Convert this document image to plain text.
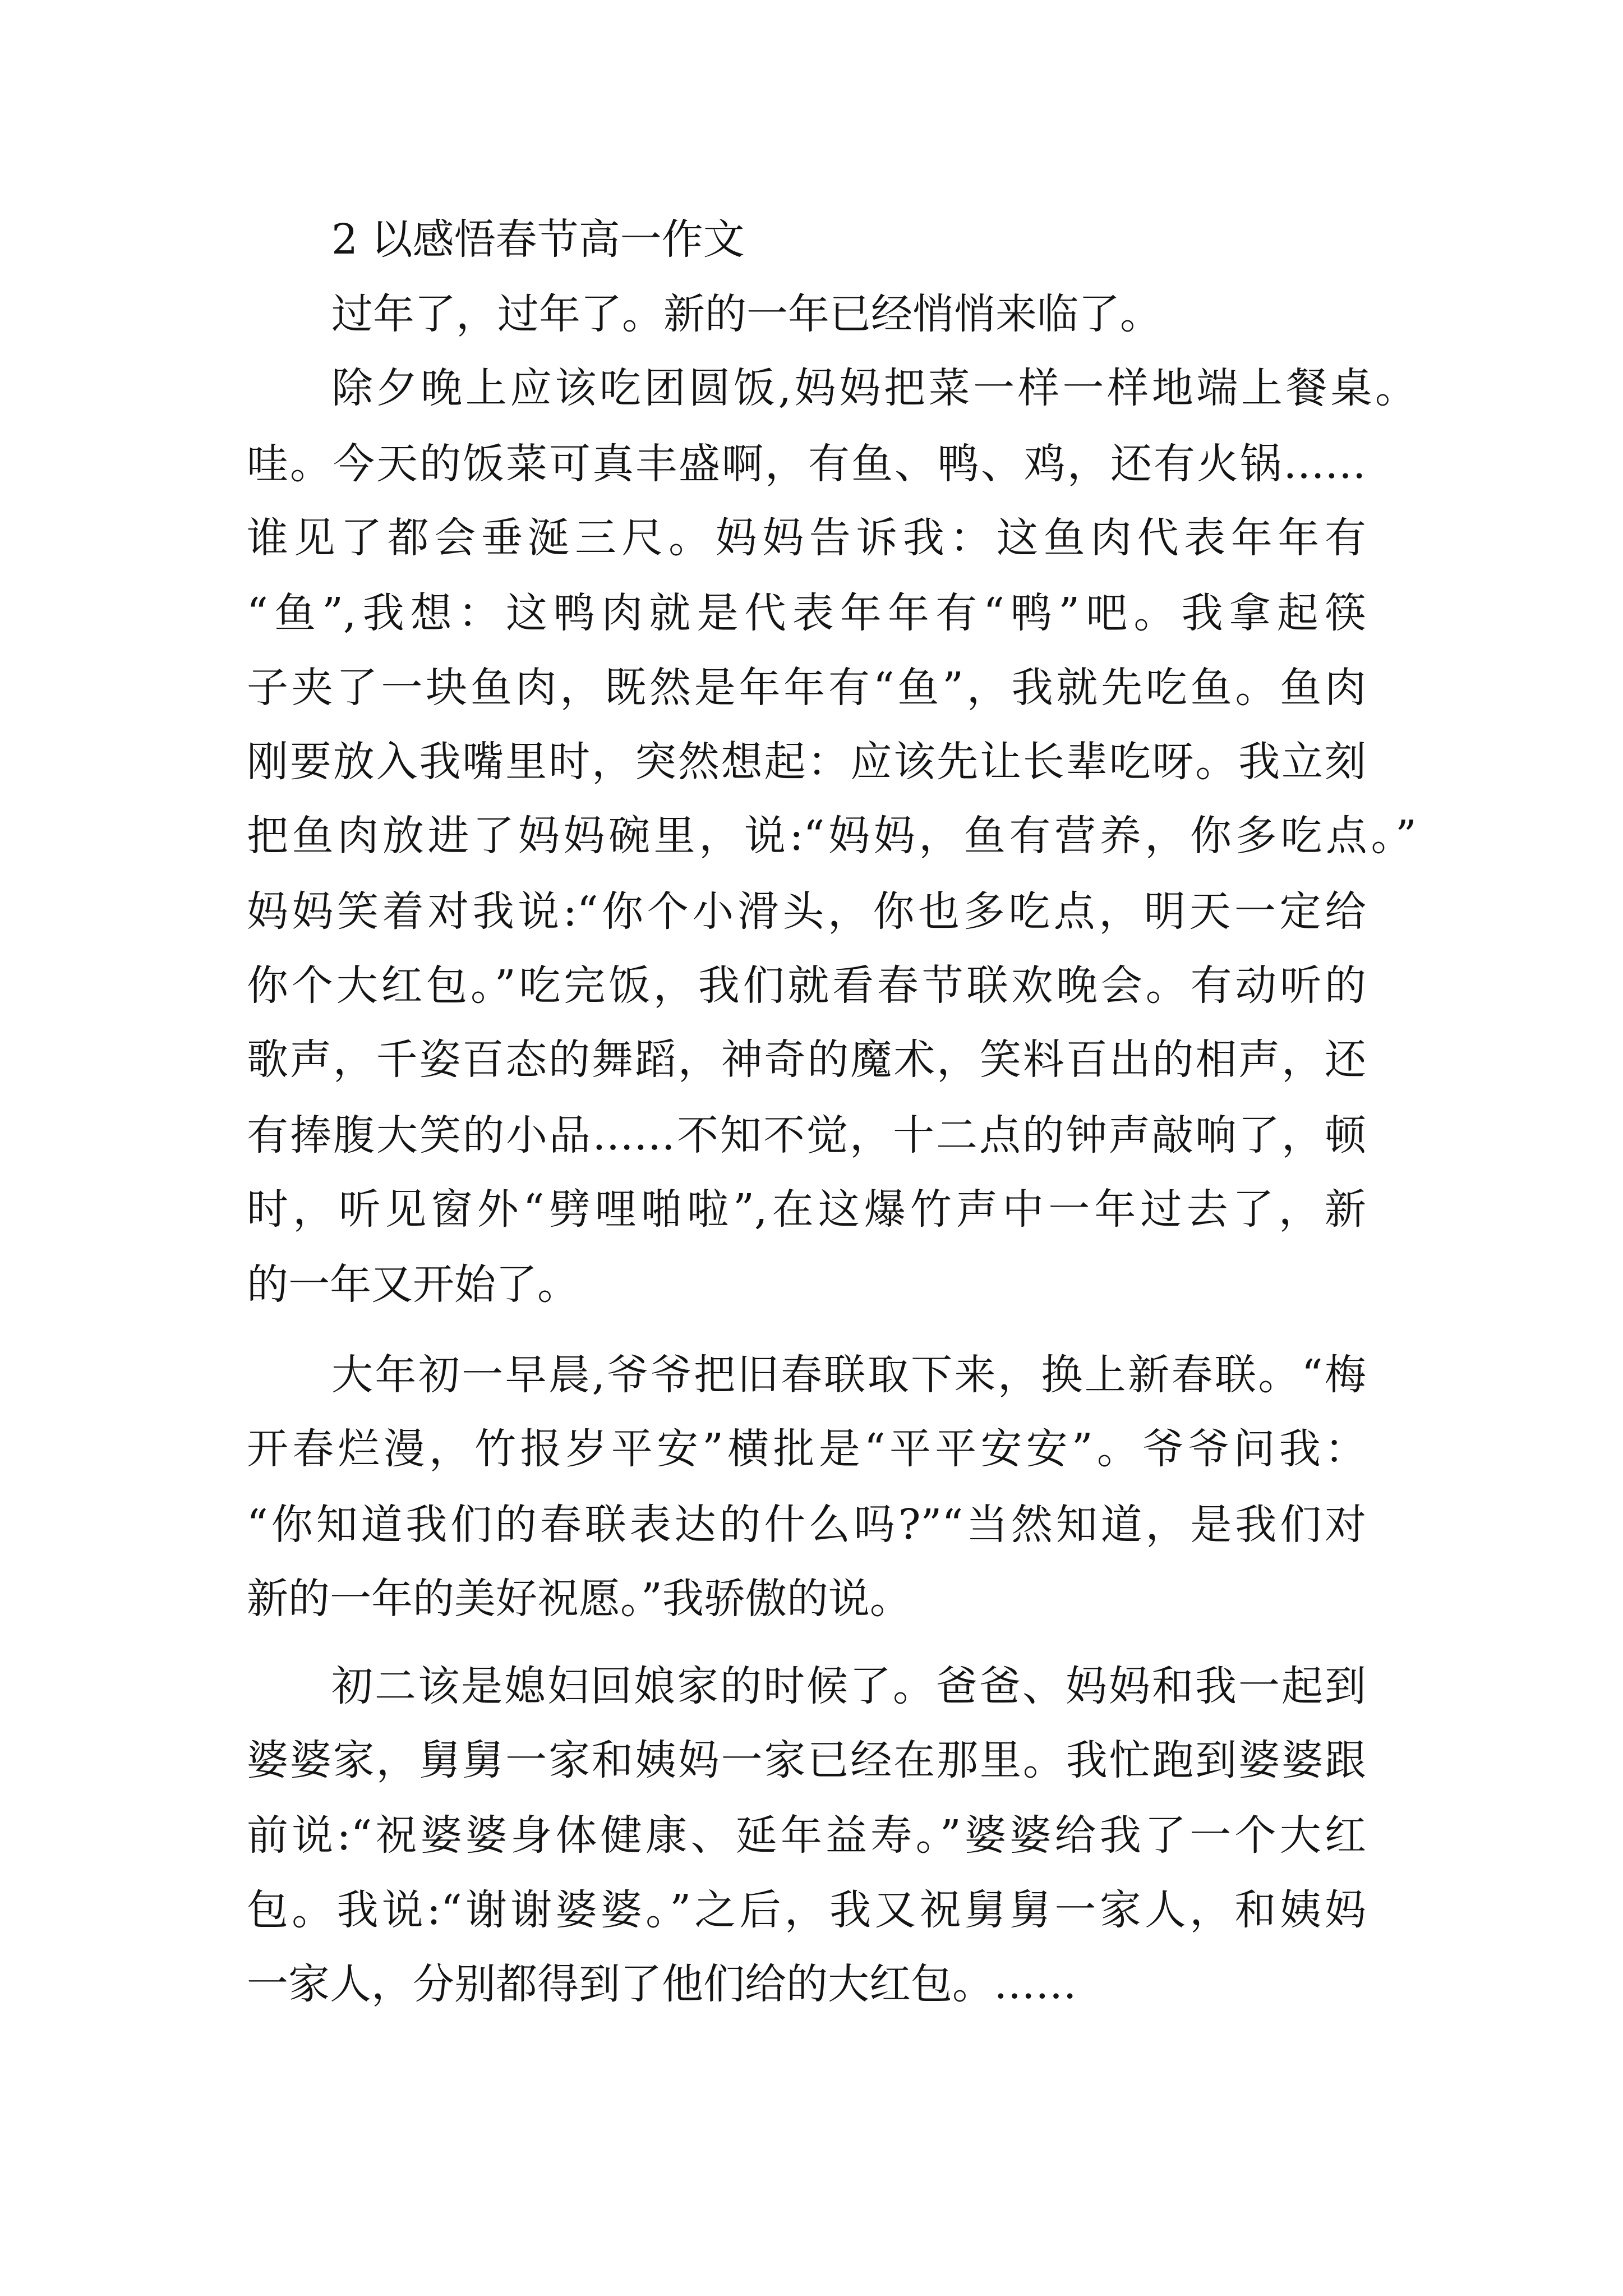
2 以感悟春节高一作文
过年了，过年了。新的一年已经悄悄来临了。
除夕晚上应该吃团圆饭,妈妈把菜一样一样地端上餐桌。
哇。今天的饭菜可真丰盛啊，有鱼、鸭、鸡，还有火锅……
谁见了都会垂涎三尺。妈妈告诉我：这鱼肉代表年年有
“鱼”,我想：这鸭肉就是代表年年有“鸭”吧。我拿起筷
子夹了一块鱼肉，既然是年年有“鱼”，我就先吃鱼。鱼肉
刚要放入我嘴里时，突然想起：应该先让长辈吃呀。我立刻
把鱼肉放进了妈妈碗里，说:“妈妈，鱼有营养，你多吃点。”
妈妈笑着对我说:“你个小滑头，你也多吃点，明天一定给
你个大红包。”吃完饭，我们就看春节联欢晚会。有动听的
歌声，千姿百态的舞蹈，神奇的魔术，笑料百出的相声，还
有捧腹大笑的小品……不知不觉，十二点的钟声敲响了，顿
时，听见窗外“劈哩啪啦”,在这爆竹声中一年过去了，新
的一年又开始了。
大年初一早晨,爷爷把旧春联取下来，换上新春联。“梅
开春烂漫，竹报岁平安”横批是“平平安安”。爷爷问我：
“你知道我们的春联表达的什么吗?”“当然知道，是我们对
新的一年的美好祝愿。”我骄傲的说。
初二该是媳妇回娘家的时候了。爸爸、妈妈和我一起到
婆婆家，舅舅一家和姨妈一家已经在那里。我忙跑到婆婆跟
前说:“祝婆婆身体健康、延年益寿。”婆婆给我了一个大红
包。我说:“谢谢婆婆。”之后，我又祝舅舅一家人，和姨妈
一家人，分别都得到了他们给的大红包。……
